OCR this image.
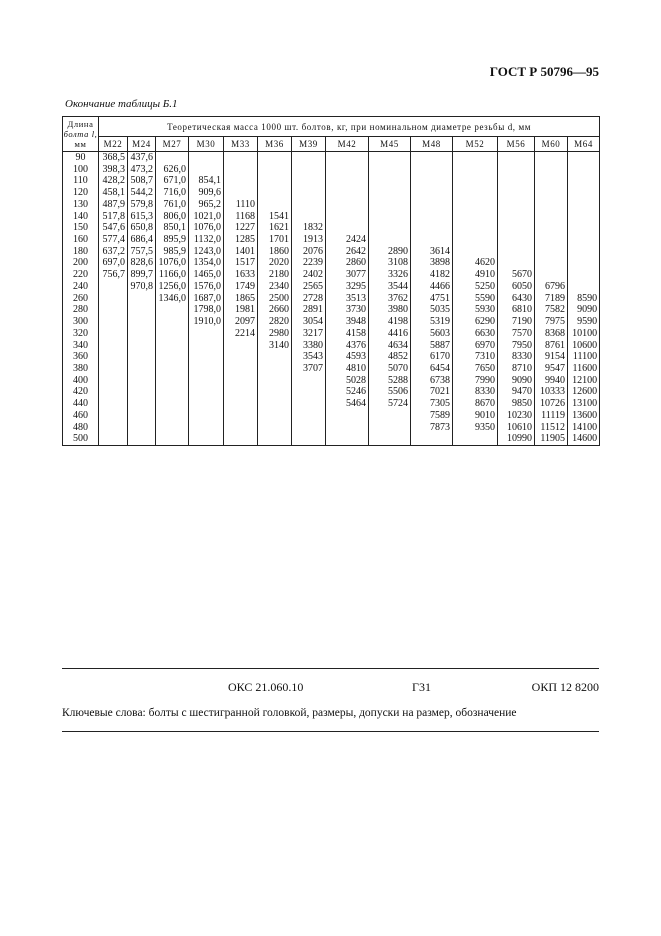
ГОСТ Р 50796—95
Окончание таблицы Б.1
Длина
болта l,
мм	Теоретическая масса 1000 шт. болтов, кг, при номинальном диаметре резьбы d, мм													
	М22	М24	М27	М30	М33	М36	М39	М42	М45	М48	М52	М56	М60	М64
90	368,5	437,6												
100	398,3	473,2	626,0											
110	428,2	508,7	671,0	854,1										
120	458,1	544,2	716,0	909,6										
130	487,9	579,8	761,0	965,2	1110									
140	517,8	615,3	806,0	1021,0	1168	1541								
150	547,6	650,8	850,1	1076,0	1227	1621	1832							
160	577,4	686,4	895,9	1132,0	1285	1701	1913	2424						
180	637,2	757,5	985,9	1243,0	1401	1860	2076	2642	2890	3614				
200	697,0	828,6	1076,0	1354,0	1517	2020	2239	2860	3108	3898	4620			
220	756,7	899,7	1166,0	1465,0	1633	2180	2402	3077	3326	4182	4910	5670		
240		970,8	1256,0	1576,0	1749	2340	2565	3295	3544	4466	5250	6050	6796	
260			1346,0	1687,0	1865	2500	2728	3513	3762	4751	5590	6430	7189	8590
280				1798,0	1981	2660	2891	3730	3980	5035	5930	6810	7582	9090
300				1910,0	2097	2820	3054	3948	4198	5319	6290	7190	7975	9590
320					2214	2980	3217	4158	4416	5603	6630	7570	8368	10100
340						3140	3380	4376	4634	5887	6970	7950	8761	10600
360							3543	4593	4852	6170	7310	8330	9154	11100
380							3707	4810	5070	6454	7650	8710	9547	11600
400								5028	5288	6738	7990	9090	9940	12100
420								5246	5506	7021	8330	9470	10333	12600
440								5464	5724	7305	8670	9850	10726	13100
460										7589	9010	10230	11119	13600
480										7873	9350	10610	11512	14100
500												10990	11905	14600
ОКС 21.060.10	Г31	ОКП 12 8200
Ключевые слова: болты с шестигранной головкой, размеры, допуски на размер, обозначение
